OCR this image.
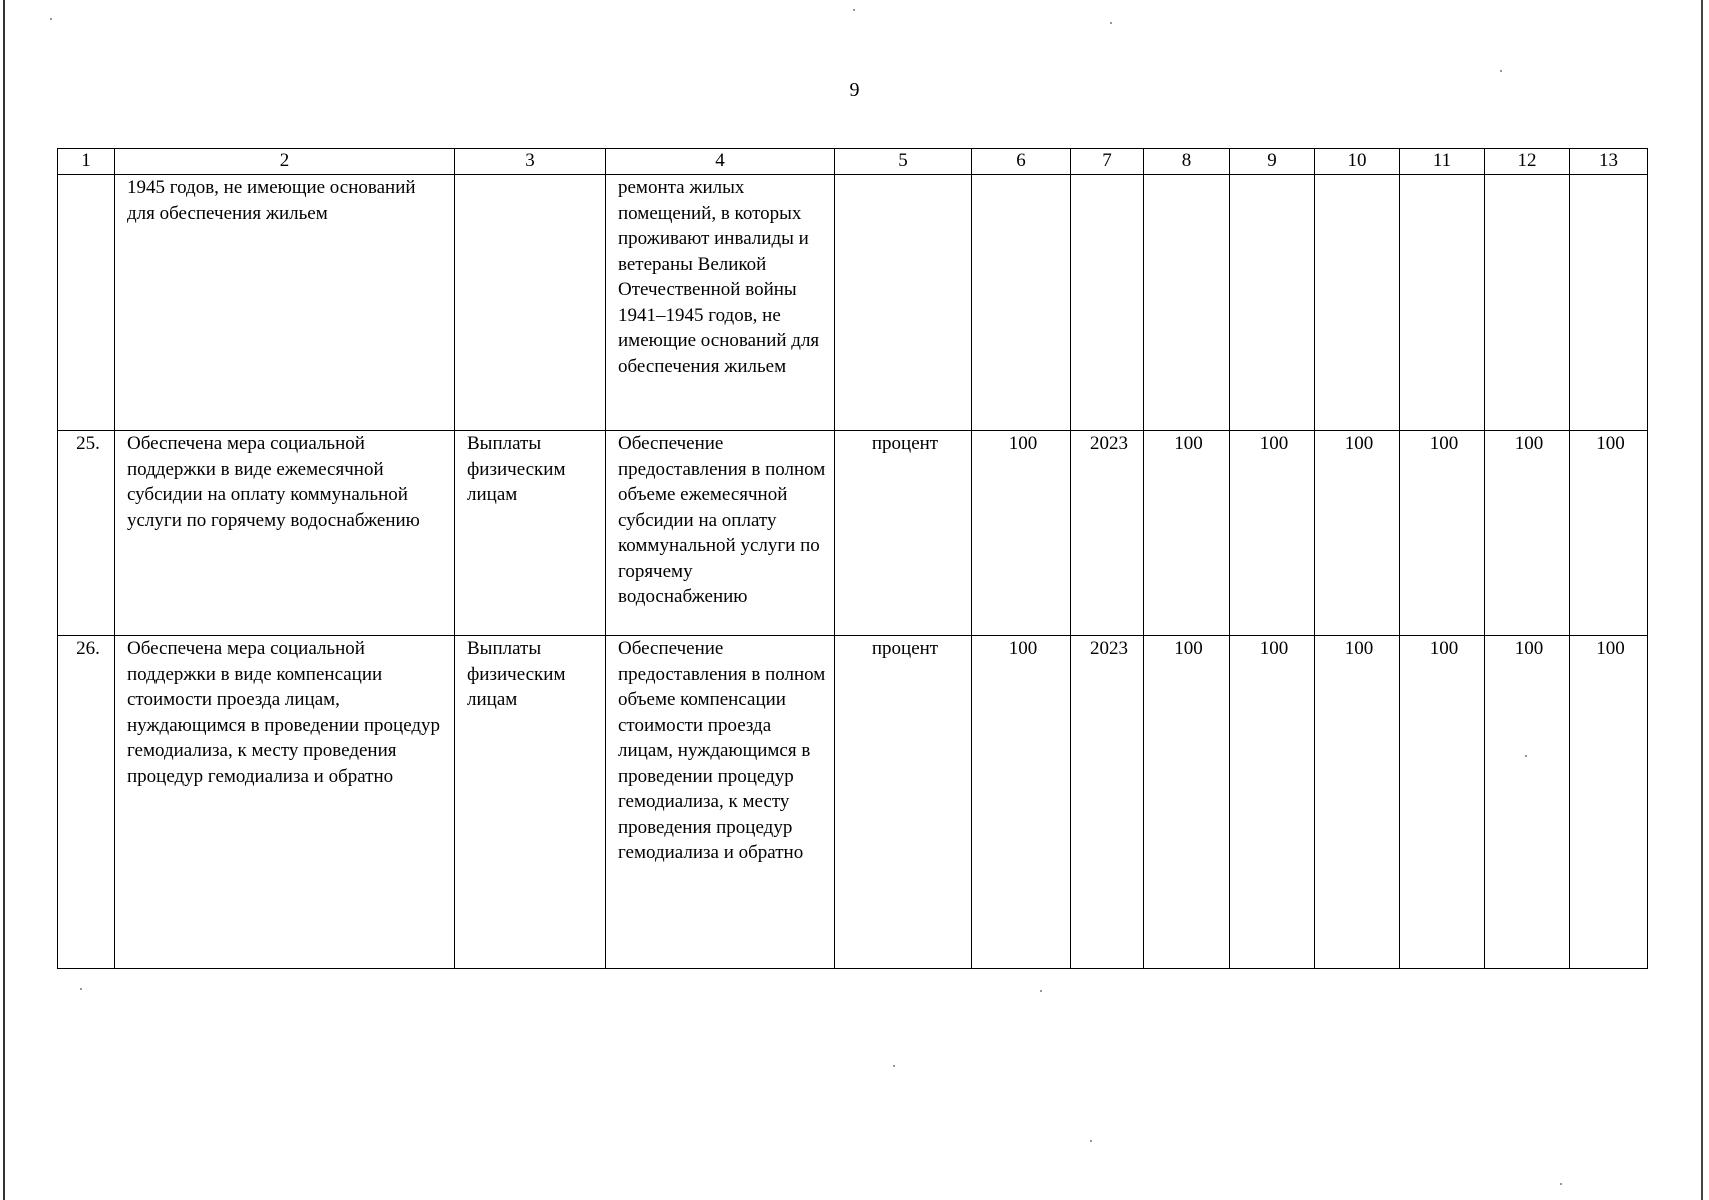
9
1	2	3	4	5	6	7	8	9	10	11	12	13
	1945 годов, не имеющие оснований для обеспечения жильем		ремонта жилых помещений, в которых проживают инвалиды и ветераны Великой Отечественной войны 1941–1945 годов, не имеющие оснований для обеспечения жильем									
25.	Обеспечена мера социальной поддержки в виде ежемесячной субсидии на оплату коммунальной услуги по горячему водоснабжению	Выплаты физическим лицам	Обеспечение предоставления в полном объеме ежемесячной субсидии на оплату коммунальной услуги по горячему водоснабжению	процент	100	2023	100	100	100	100	100	100
26.	Обеспечена мера социальной поддержки в виде компенсации стоимости проезда лицам, нуждающимся в проведении процедур гемодиализа, к месту проведения процедур гемодиализа и обратно	Выплаты физическим лицам	Обеспечение предоставления в полном объеме компенсации стоимости проезда лицам, нуждающимся в проведении процедур гемодиализа, к месту проведения процедур гемодиализа и обратно	процент	100	2023	100	100	100	100	100	100
